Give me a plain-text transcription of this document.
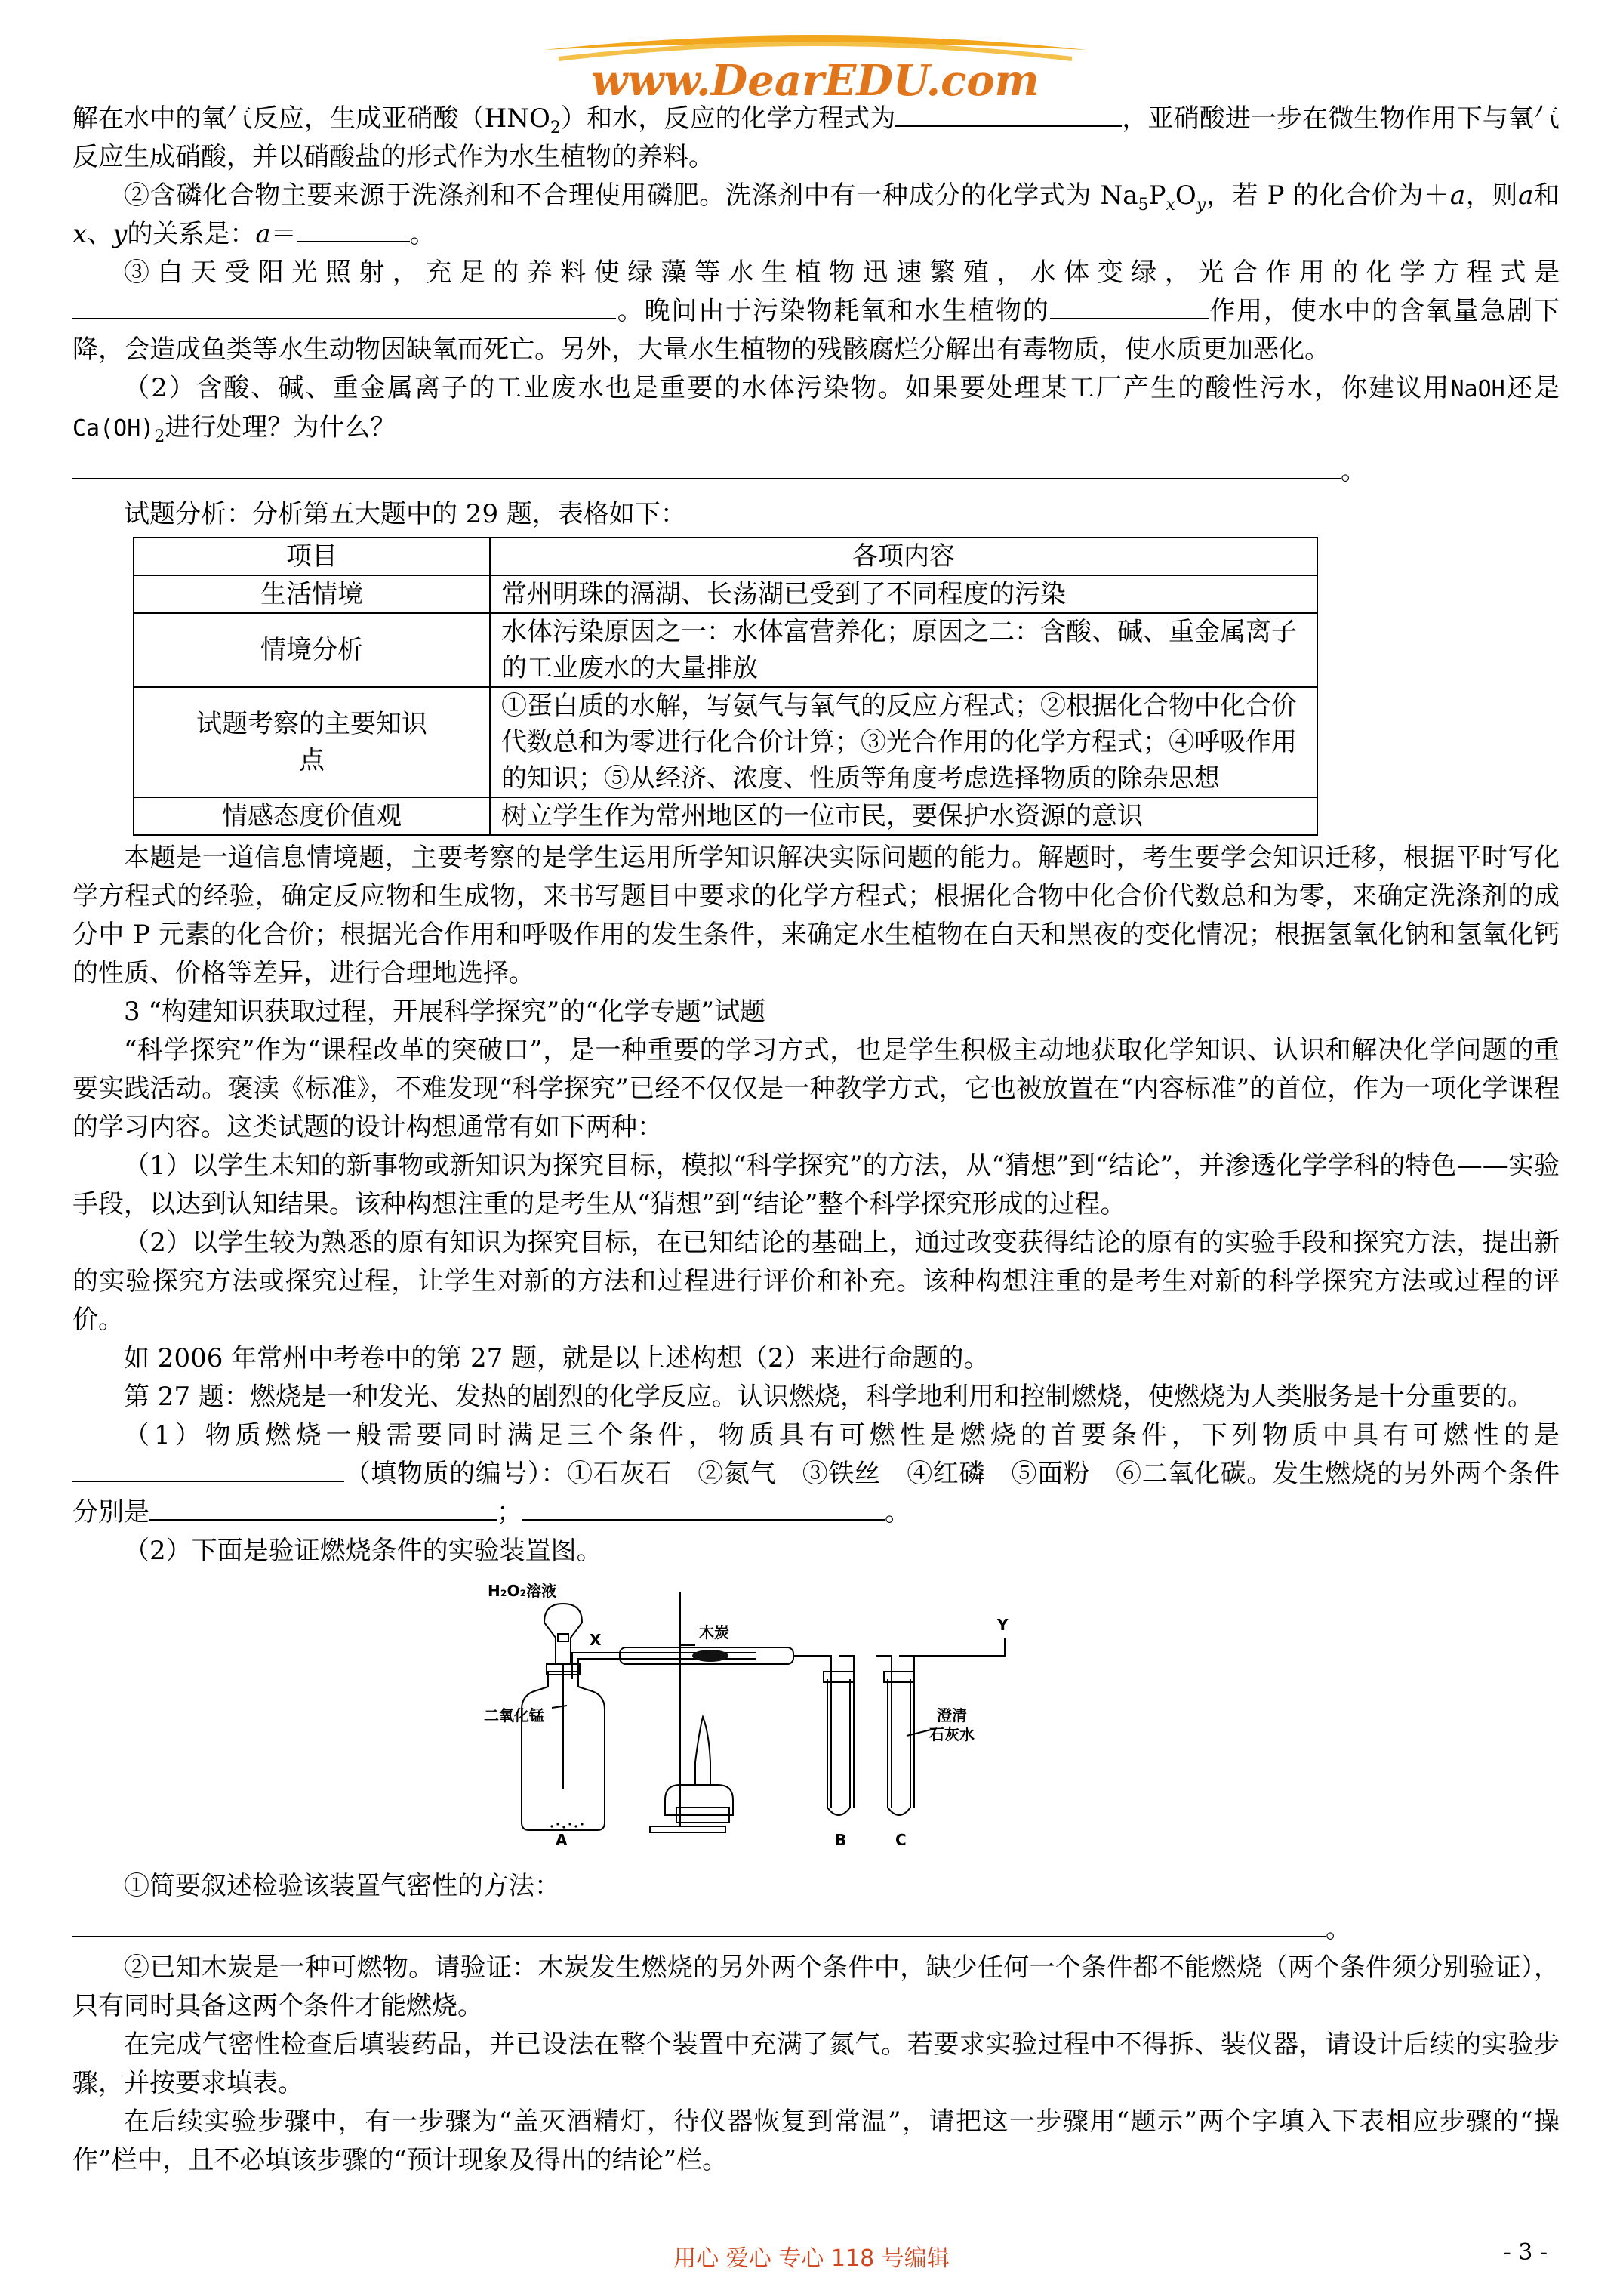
www.DearEDU.com

解在水中的氧气反应，生成亚硝酸$(HNO_2)$和水，反应的化学方程式为	，亚硝酸进一步在微生物作用下与氧气反应生成硝酸，并以硝酸盐的形式作为水生植物的养料。

②含磷化合物主要来源于洗涤剂和不合理使用磷肥。洗涤剂中有一种成分的化学式为 $Na_5P_xO_y$，若 P 的化合价为＋a，则a和x、y的关系是：a＝	。

③白天受阳光照射，充足的养料使绿藻等水生植物迅速繁殖，水体变绿，光合作用的化学方程式是。晚间由于污染物耗氧和水生植物的	作用，使水中的含氧量急剧下降，会造成鱼类等水生动物因缺氧而死亡。另外，大量水生植物的残骸腐烂分解出有毒物质，使水质更加恶化。

（2）含酸、碱、重金属离子的工业废水也是重要的水体污染物。如果要处理某工厂产生的酸性污水，你建议用NaOH还是$Ca(OH)_2$进行处理？为什么？

。

试题分析：分析第五大题中的 29 题，表格如下：

项目	各项内容
生活情境	常州明珠的滆湖、长荡湖已受到了不同程度的污染
情境分析	水体污染原因之一：水体富营养化；原因之二：含酸、碱、重金属离子的工业废水的大量排放
试题考察的主要知识点	①蛋白质的水解，写氨气与氧气的反应方程式；②根据化合物中化合价代数总和为零进行化合价计算；③光合作用的化学方程式；④呼吸作用的知识；⑤从经济、浓度、性质等角度考虑选择物质的除杂思想
情感态度价值观	树立学生作为常州地区的一位市民，要保护水资源的意识

本题是一道信息情境题，主要考察的是学生运用所学知识解决实际问题的能力。解题时，考生要学会知识迁移，根据平时写化学方程式的经验，确定反应物和生成物，来书写题目中要求的化学方程式；根据化合物中化合价代数总和为零，来确定洗涤剂的成分中 P 元素的化合价；根据光合作用和呼吸作用的发生条件，来确定水生植物在白天和黑夜的变化情况；根据氢氧化钠和氢氧化钙的性质、价格等差异，进行合理地选择。

3 “构建知识获取过程，开展科学探究”的“化学专题”试题

“科学探究”作为“课程改革的突破口”，是一种重要的学习方式，也是学生积极主动地获取化学知识、认识和解决化学问题的重要实践活动。褒渎《标准》，不难发现“科学探究”已经不仅仅是一种教学方式，它也被放置在“内容标准”的首位，作为一项化学课程的学习内容。这类试题的设计构想通常有如下两种：

（1）以学生未知的新事物或新知识为探究目标，模拟“科学探究”的方法，从“猜想”到“结论”，并渗透化学学科的特色——实验手段，以达到认知结果。该种构想注重的是考生从“猜想”到“结论”整个科学探究形成的过程。

（2）以学生较为熟悉的原有知识为探究目标，在已知结论的基础上，通过改变获得结论的原有的实验手段和探究方法，提出新的实验探究方法或探究过程，让学生对新的方法和过程进行评价和补充。该种构想注重的是考生对新的科学探究方法或过程的评价。

如 2006 年常州中考卷中的第 27 题，就是以上述构想（2）来进行命题的。

第 27 题：燃烧是一种发光、发热的剧烈的化学反应。认识燃烧，科学地利用和控制燃烧，使燃烧为人类服务是十分重要的。

（1）物质燃烧一般需要同时满足三个条件，物质具有可燃性是燃烧的首要条件，下列物质中具有可燃性的是（填物质的编号）：①石灰石　②氮气　③铁丝　④红磷　⑤面粉　⑥二氧化碳。发生燃烧的另外两个条件分别是	；	。

（2）下面是验证燃烧条件的实验装置图。

H₂O₂溶液
X	木炭	Y
二氧化锰	澄清
石灰水
A	B	C

①简要叙述检验该装置气密性的方法：

。

②已知木炭是一种可燃物。请验证：木炭发生燃烧的另外两个条件中，缺少任何一个条件都不能燃烧（两个条件须分别验证），只有同时具备这两个条件才能燃烧。

在完成气密性检查后填装药品，并已设法在整个装置中充满了氮气。若要求实验过程中不得拆、装仪器，请设计后续的实验步骤，并按要求填表。

在后续实验步骤中，有一步骤为“盖灭酒精灯，待仪器恢复到常温”，请把这一步骤用“题示”两个字填入下表相应步骤的“操作”栏中，且不必填该步骤的“预计现象及得出的结论”栏。

用心 爱心 专心 118 号编辑	- 3 -
